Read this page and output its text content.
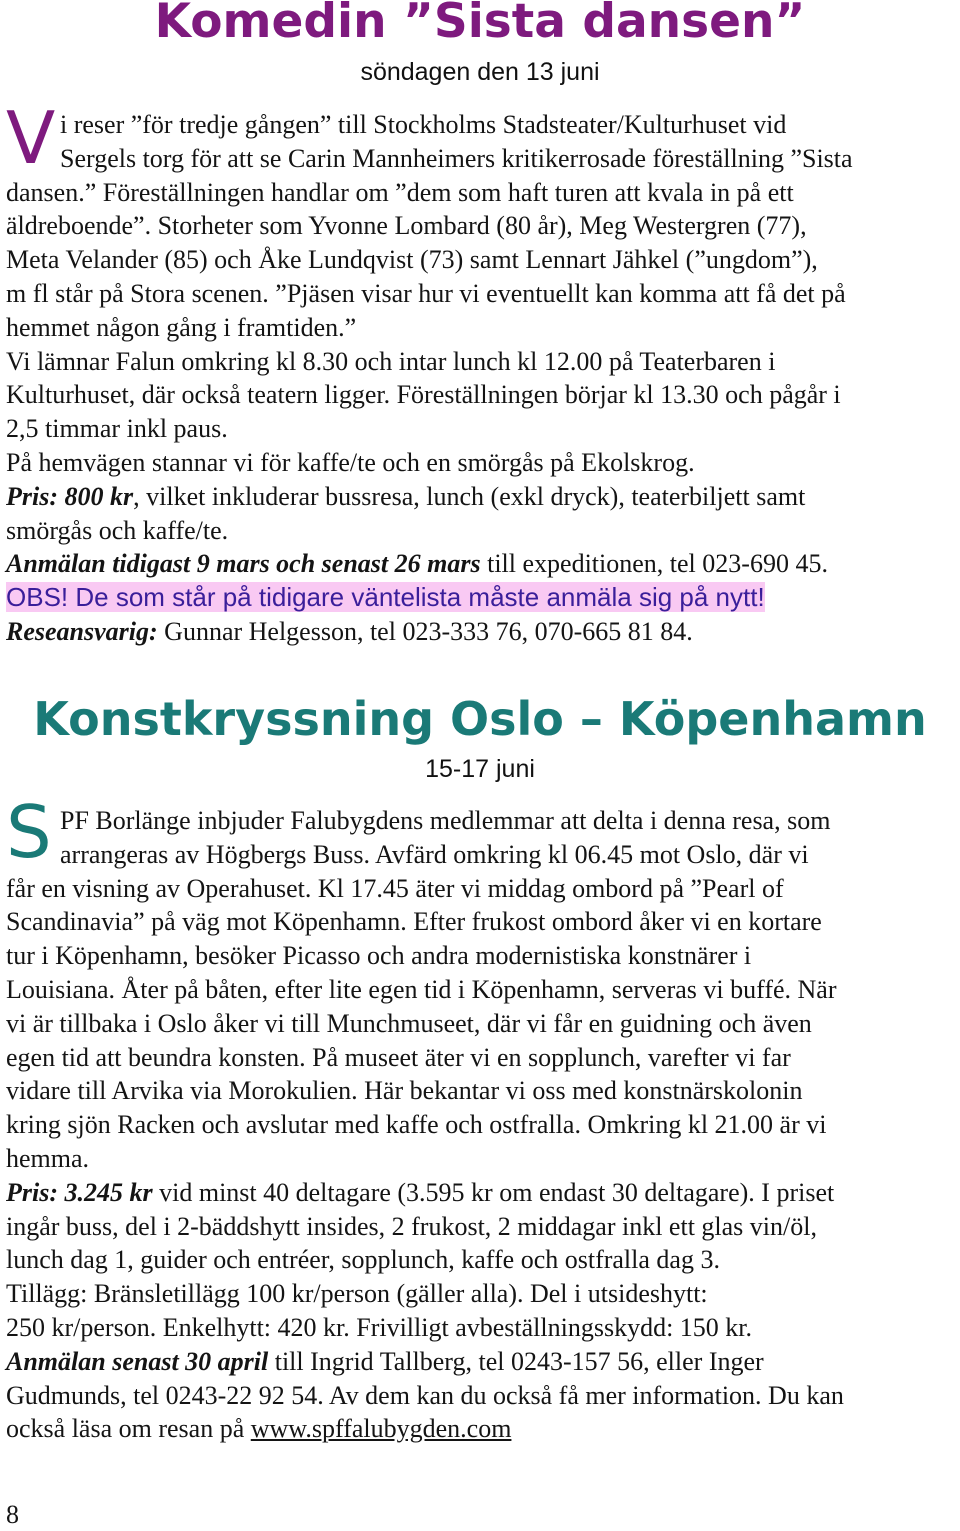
Komedin ”Sista dansen”
söndagen den 13 juni
V i reser ”för tredje gången” till Stockholms Stadsteater/Kulturhuset vid
Sergels torg för att se Carin Mannheimers kritikerrosade föreställning ”Sista
dansen.” Föreställningen handlar om ”dem som haft turen att kvala in på ett
äldreboende”. Storheter som Yvonne Lombard (80 år), Meg Westergren (77),
Meta Velander (85) och Åke Lundqvist (73) samt Lennart Jähkel (”ungdom”),
m fl står på Stora scenen. ”Pjäsen visar hur vi eventuellt kan komma att få det på
hemmet någon gång i framtiden.”
Vi lämnar Falun omkring kl 8.30 och intar lunch kl 12.00 på Teaterbaren i
Kulturhuset, där också teatern ligger. Föreställningen börjar kl 13.30 och pågår i
2,5 timmar inkl paus.
På hemvägen stannar vi för kaffe/te och en smörgås på Ekolskrog.
Pris: 800 kr, vilket inkluderar bussresa, lunch (exkl dryck), teaterbiljett samt
smörgås och kaffe/te.
Anmälan tidigast 9 mars och senast 26 mars till expeditionen, tel 023-690 45.
OBS! De som står på tidigare väntelista måste anmäla sig på nytt!
Reseansvarig: Gunnar Helgesson, tel 023-333 76, 070-665 81 84.
Konstkryssning Oslo – Köpenhamn
15-17 juni
S PF Borlänge inbjuder Falubygdens medlemmar att delta i denna resa, som
arrangeras av Högbergs Buss. Avfärd omkring kl 06.45 mot Oslo, där vi
får en visning av Operahuset. Kl 17.45 äter vi middag ombord på ”Pearl of
Scandinavia” på väg mot Köpenhamn. Efter frukost ombord åker vi en kortare
tur i Köpenhamn, besöker Picasso och andra modernistiska konstnärer i
Louisiana. Åter på båten, efter lite egen tid i Köpenhamn, serveras vi buffé. När
vi är tillbaka i Oslo åker vi till Munchmuseet, där vi får en guidning och även
egen tid att beundra konsten. På museet äter vi en sopplunch, varefter vi far
vidare till Arvika via Morokulien. Här bekantar vi oss med konstnärskolonin
kring sjön Racken och avslutar med kaffe och ostfralla. Omkring kl 21.00 är vi
hemma.
Pris: 3.245 kr vid minst 40 deltagare (3.595 kr om endast 30 deltagare). I priset
ingår buss, del i 2-bäddshytt insides, 2 frukost, 2 middagar inkl ett glas vin/öl,
lunch dag 1, guider och entréer, sopplunch, kaffe och ostfralla dag 3.
Tillägg: Bränsletillägg 100 kr/person (gäller alla). Del i utsideshytt:
250 kr/person. Enkelhytt: 420 kr. Frivilligt avbeställningsskydd: 150 kr.
Anmälan senast 30 april till Ingrid Tallberg, tel 0243-157 56, eller Inger
Gudmunds, tel 0243-22 92 54. Av dem kan du också få mer information. Du kan
också läsa om resan på www.spffalubygden.com
8
